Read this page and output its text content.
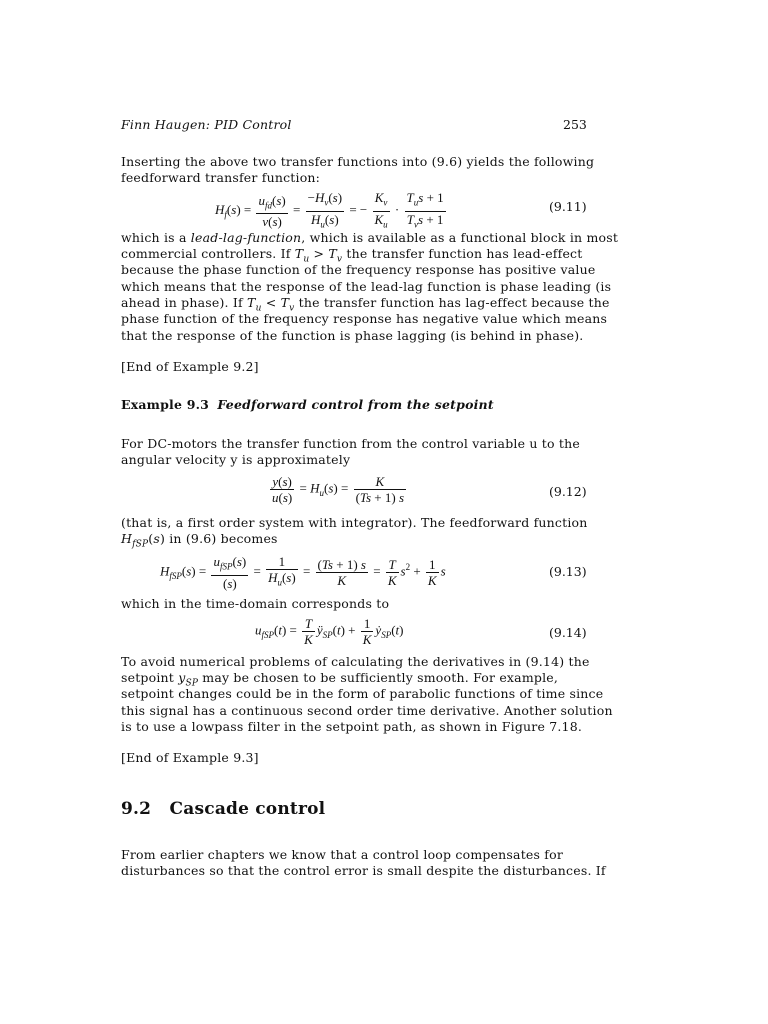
Finn Haugen: PID Control	253
Inserting the above two transfer functions into (9.6) yields the following
feedforward transfer function:
$H_f(s) = \frac{u_{fd}(s)}{v(s)} = \frac{-H_v(s)}{H_u(s)}$ = − $\frac{K_v}{K_u} \cdot \frac{T_us + 1}{T_vs + 1}$	(9.11)
which is a lead-lag-function, which is available as a functional block in most
commercial controllers. If $T_u > T_v$ the transfer function has lead-effect
because the phase function of the frequency response has positive value
which means that the response of the lead-lag function is phase leading (is
ahead in phase). If $T_u < T_v$ the transfer function has lag-effect because the
phase function of the frequency response has negative value which means
that the response of the function is phase lagging (is behind in phase).
[End of Example 9.2]
Example 9.3 Feedforward control from the setpoint
For DC-motors the transfer function from the control variable u to the
angular velocity y is approximately
$\frac{y(s)}{u(s)} = H_u(s) = \frac{K}{(Ts + 1) s}$	(9.12)
(that is, a first order system with integrator). The feedforward function
$H_{fSP}(s)$ in (9.6) becomes
$H_{fSP}(s) = \frac{u_{fSP}(s)}{(s)} = \frac{1}{H_u(s)} = \frac{(Ts + 1) s}{K} = \frac{T}{K} s^2 + \frac{1}{K}$ s	(9.13)
which in the time-domain corresponds to
$u_{fSP}(t) = \frac{T}{K}$ $ÿ_{SP}(t) + \frac{1}{K}$ $ẏ_{SP}(t)$	(9.14)
To avoid numerical problems of calculating the derivatives in (9.14) the
setpoint $y_{SP}$ may be chosen to be sufficiently smooth. For example,
setpoint changes could be in the form of parabolic functions of time since
this signal has a continuous second order time derivative. Another solution
is to use a lowpass filter in the setpoint path, as shown in Figure 7.18.
[End of Example 9.3]
9.2 Cascade control
From earlier chapters we know that a control loop compensates for
disturbances so that the control error is small despite the disturbances. If
